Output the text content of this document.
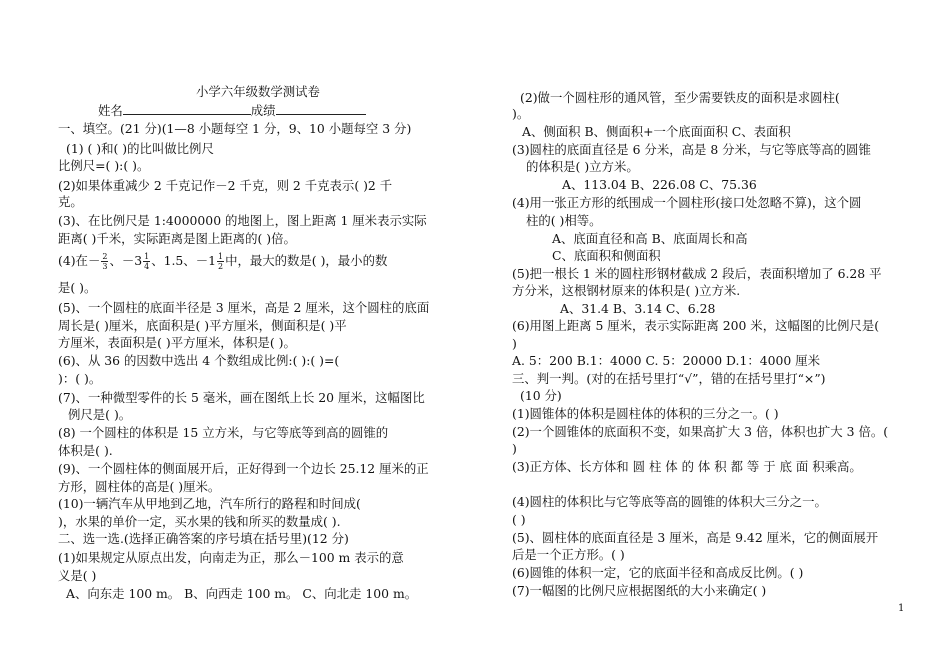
小学六年级数学测试卷
姓名	成绩
一、填空。(21 分)(1—8 小题每空 1 分，9、10 小题每空 3 分)
(1) ( )和( )的比叫做比例尺
比例尺=( ):( )。
(2)如果体重减少 2 千克记作－2 千克，则 2 千克表示( )2 千
克。
(3)、在比例尺是 1:4000000 的地图上，图上距离 1 厘米表示实际
距离( )千米，实际距离是图上距离的( )倍。
(4)在－ $\frac{2}{3}$ 、$-3 \frac{1}{4}$ 、1.5、$-1 \frac{1}{2}$ 中，最大的数是( )，最小的数
是( )。
(5)、一个圆柱的底面半径是 3 厘米，高是 2 厘米，这个圆柱的底面
周长是( )厘米，底面积是( )平方厘米，侧面积是( )平
方厘米，表面积是( )平方厘米，体积是( )。
(6)、从 36 的因数中选出 4 个数组成比例:( ):( )=(
)：( )。
(7)、一种微型零件的长 5 毫米，画在图纸上长 20 厘米，这幅图比
例尺是( )。
(8) 一个圆柱的体积是 15 立方米，与它等底等到高的圆锥的
体积是( ).
(9)、一个圆柱体的侧面展开后，正好得到一个边长 25.12 厘米的正
方形，圆柱体的高是( )厘米。
(10)一辆汽车从甲地到乙地，汽车所行的路程和时间成(
)，水果的单价一定，买水果的钱和所买的数量成( ).
二、选一选.(选择正确答案的序号填在括号里)(12 分)
(1)如果规定从原点出发，向南走为正，那么－100 m 表示的意
义是( )
A、向东走 100 m。 B、向西走 100 m。 C、向北走 100 m。
(2)做一个圆柱形的通风管，至少需要铁皮的面积是求圆柱(
)。
A、侧面积 B、侧面积+一个底面面积 C、表面积
(3)圆柱的底面直径是 6 分米，高是 8 分米，与它等底等高的圆锥
的体积是( )立方米。
A、113.04 B、226.08 C、75.36
(4)用一张正方形的纸围成一个圆柱形(接口处忽略不算)，这个圆
柱的( )相等。
A、底面直径和高 B、底面周长和高
C、底面积和侧面积
(5)把一根长 1 米的圆柱形钢材截成 2 段后，表面积增加了 6.28 平
方分米，这根钢材原来的体积是( )立方米.
A、31.4 B、3.14 C、6.28
(6)用图上距离 5 厘米，表示实际距离 200 米，这幅图的比例尺是(
)
A. 5：200 B.1：4000 C. 5：20000 D.1：4000 厘米
三、判一判。(对的在括号里打“√”，错的在括号里打“×”)
(10 分)
(1)圆锥体的体积是圆柱体的体积的三分之一。( )
(2)一个圆锥体的底面积不变，如果高扩大 3 倍，体积也扩大 3 倍。(
)
(3)正方体、长方体和 圆 柱 体 的 体 积 都 等 于 底 面 积乘高。
(4)圆柱的体积比与它等底等高的圆锥的体积大三分之一。
( )
(5)、圆柱体的底面直径是 3 厘米，高是 9.42 厘米，它的侧面展开
后是一个正方形。( )
(6)圆锥的体积一定，它的底面半径和高成反比例。( )
(7)一幅图的比例尺应根据图纸的大小来确定( )
1
